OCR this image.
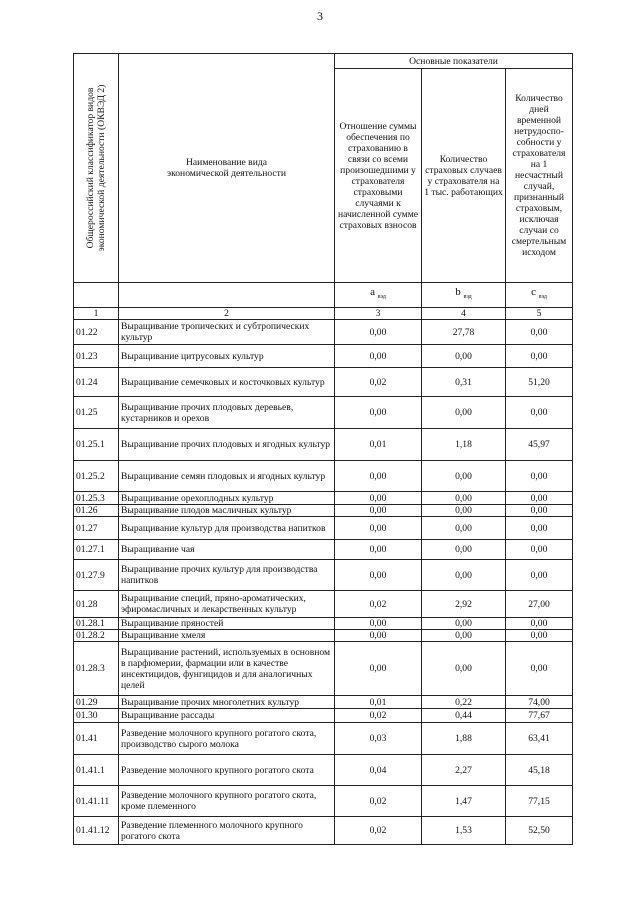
3
Общероссийский классификатор видов экономической деятельности (ОКВЭД 2)	Наименование вида экономической деятельности	Основные показатели		
		Отношение суммы обеспечения по страхованию в связи со всеми произошедшими у страхователя страховыми случаями к начисленной сумме страховых взносов	Количество страховых случаев у страхователя на 1 тыс. работающих	Количество дней временной нетрудоспо-собности у страхователя на 1 несчастный случай, признанный страховым, исключая случаи со смертельным исходом
		a $_{вэд}$	b $_{вэд}$	c $_{вэд}$
1	2	3	4	5
01.22	Выращивание тропических и субтропических культур	0,00	27,78	0,00
01.23	Выращивание цитрусовых культур	0,00	0,00	0,00
01.24	Выращивание семечковых и косточковых культур	0,02	0,31	51,20
01.25	Выращивание прочих плодовых деревьев, кустарников и орехов	0,00	0,00	0,00
01.25.1	Выращивание прочих плодовых и ягодных культур	0,01	1,18	45,97
01.25.2	Выращивание семян плодовых и ягодных культур	0,00	0,00	0,00
01.25.3	Выращивание орехоплодных культур	0,00	0,00	0,00
01.26	Выращивание плодов масличных культур	0,00	0,00	0,00
01.27	Выращивание культур для производства напитков	0,00	0,00	0,00
01.27.1	Выращивание чая	0,00	0,00	0,00
01.27.9	Выращивание прочих культур для производства напитков	0,00	0,00	0,00
01.28	Выращивание специй, пряно-ароматических, эфиромасличных и лекарственных культур	0,02	2,92	27,00
01.28.1	Выращивание пряностей	0,00	0,00	0,00
01.28.2	Выращивание хмеля	0,00	0,00	0,00
01.28.3	Выращивание растений, используемых в основном в парфюмерии, фармации или в качестве инсектицидов, фунгицидов и для аналогичных целей	0,00	0,00	0,00
01.29	Выращивание прочих многолетних культур	0,01	0,22	74,00
01.30	Выращивание рассады	0,02	0,44	77,67
01.41	Разведение молочного крупного рогатого скота, производство сырого молока	0,03	1,88	63,41
01.41.1	Разведение молочного крупного рогатого скота	0,04	2,27	45,18
01.41.11	Разведение молочного крупного рогатого скота, кроме племенного	0,02	1,47	77,15
01.41.12	Разведение племенного молочного крупного рогатого скота	0,02	1,53	52,50
